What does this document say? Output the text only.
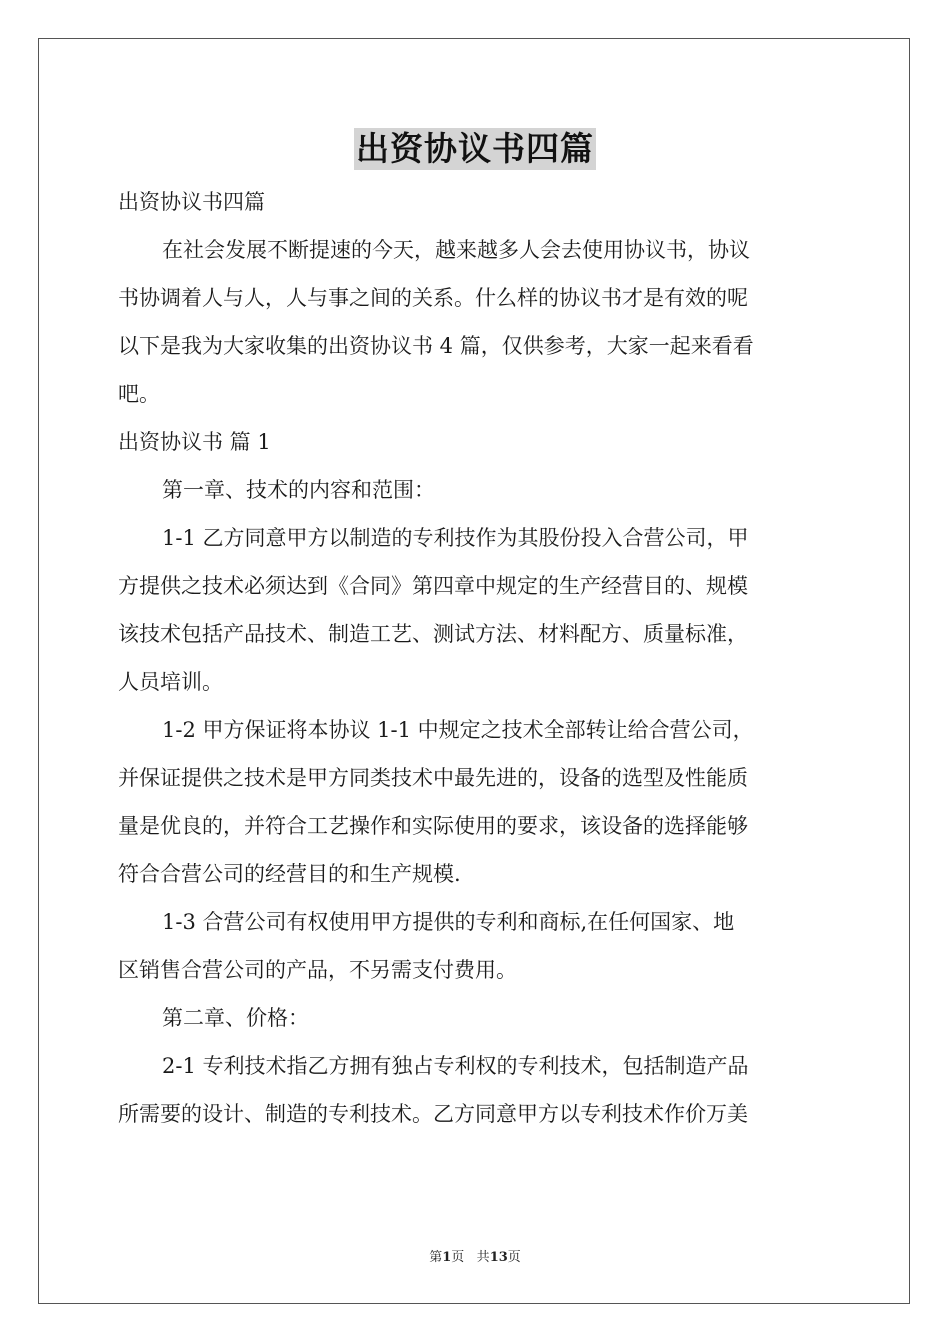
出资协议书四篇

出资协议书四篇

在社会发展不断提速的今天，越来越多人会去使用协议书，协议

书协调着人与人，人与事之间的关系。什么样的协议书才是有效的呢

以下是我为大家收集的出资协议书 4 篇，仅供参考，大家一起来看看

吧。

出资协议书 篇 1

第一章、技术的内容和范围：

1-1 乙方同意甲方以制造的专利技作为其股份投入合营公司，甲

方提供之技术必须达到《合同》第四章中规定的生产经营目的、规模

该技术包括产品技术、制造工艺、测试方法、材料配方、质量标准，

人员培训。

1-2 甲方保证将本协议 1-1 中规定之技术全部转让给合营公司，

并保证提供之技术是甲方同类技术中最先进的，设备的选型及性能质

量是优良的，并符合工艺操作和实际使用的要求，该设备的选择能够

符合合营公司的经营目的和生产规模.

1-3 合营公司有权使用甲方提供的专利和商标,在任何国家、地

区销售合营公司的产品，不另需支付费用。

第二章、价格：

2-1 专利技术指乙方拥有独占专利权的专利技术，包括制造产品

所需要的设计、制造的专利技术。乙方同意甲方以专利技术作价万美

第1页 共13页
